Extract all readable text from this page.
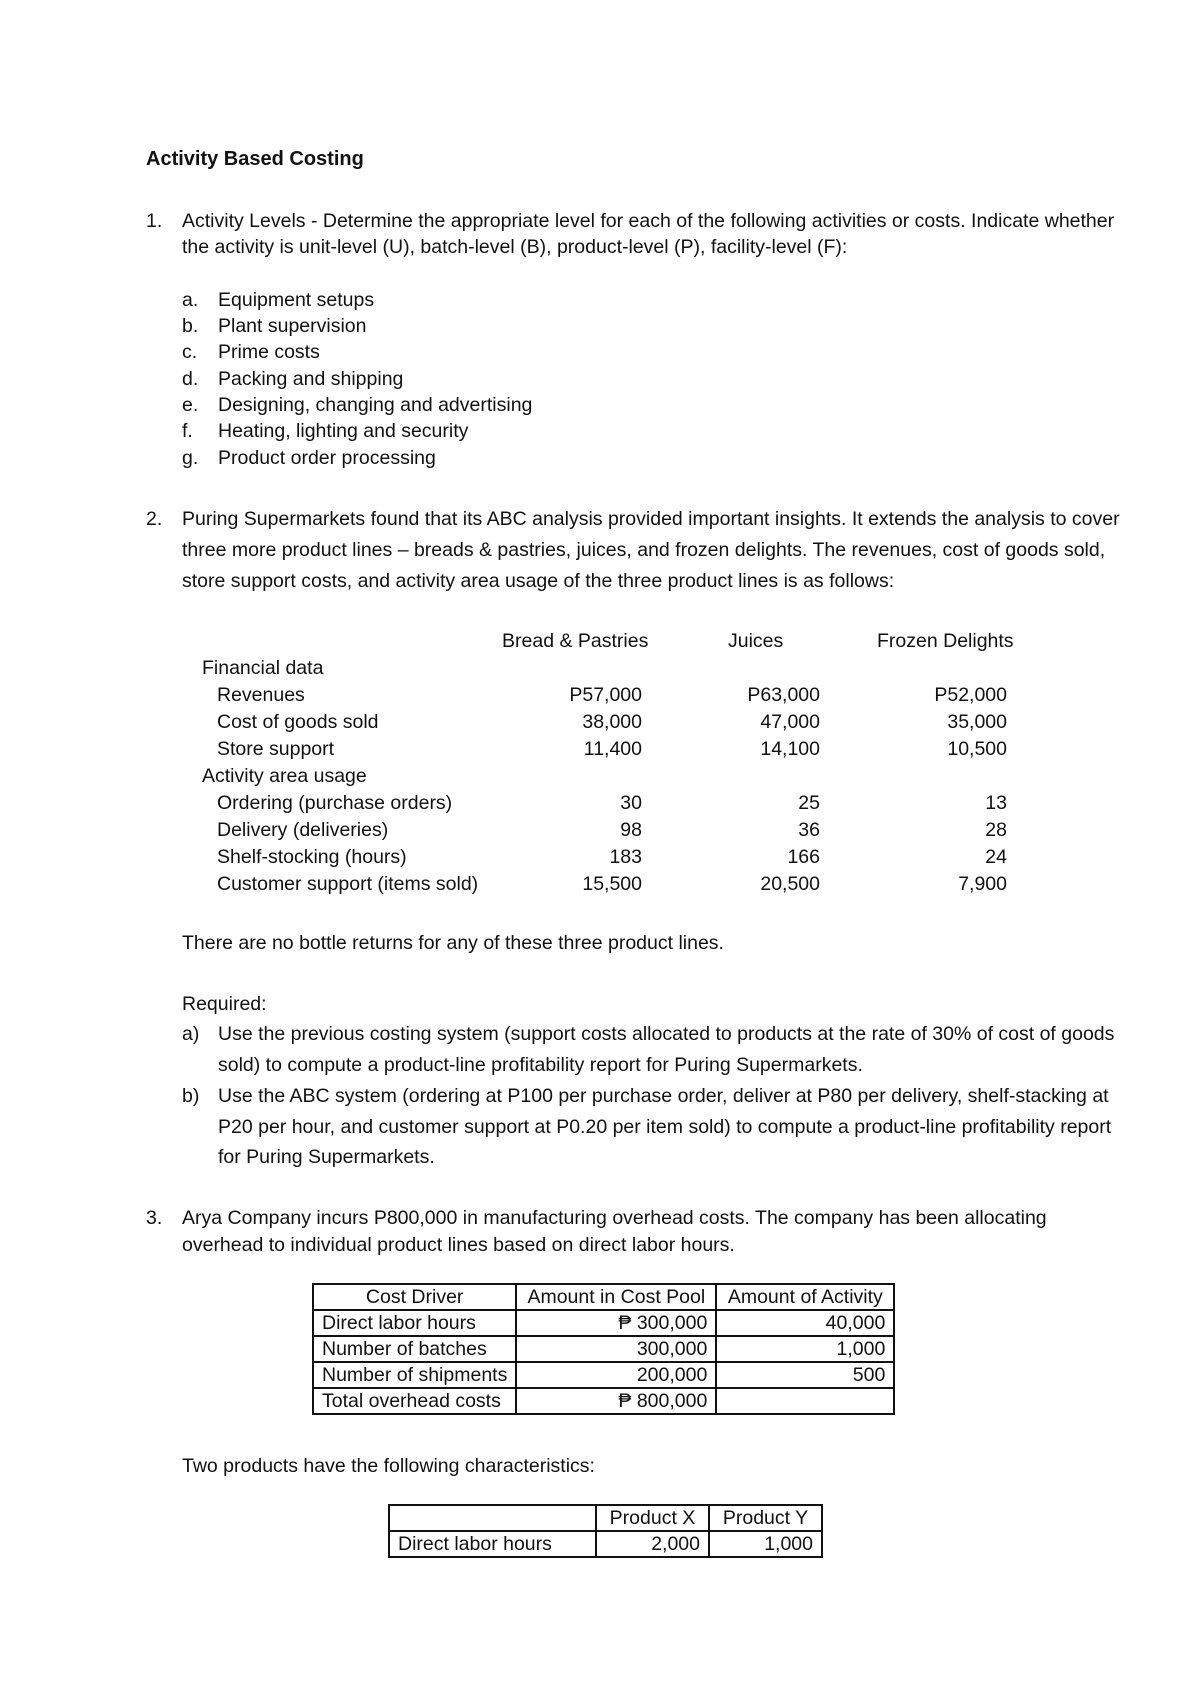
Activity Based Costing
1. Activity Levels - Determine the appropriate level for each of the following activities or costs. Indicate whether
the activity is unit-level (U), batch-level (B), product-level (P), facility-level (F):
a. Equipment setups
b. Plant supervision
c. Prime costs
d. Packing and shipping
e. Designing, changing and advertising
f. Heating, lighting and security
g. Product order processing
2. Puring Supermarkets found that its ABC analysis provided important insights. It extends the analysis to cover
three more product lines – breads & pastries, juices, and frozen delights. The revenues, cost of goods sold,
store support costs, and activity area usage of the three product lines is as follows:
Bread & Pastries	Juices	Frozen Delights
Financial data
Revenues	P57,000	P63,000	P52,000
Cost of goods sold	38,000	47,000	35,000
Store support	11,400	14,100	10,500
Activity area usage
Ordering (purchase orders)	30	25	13
Delivery (deliveries)	98	36	28
Shelf-stocking (hours)	183	166	24
Customer support (items sold)	15,500	20,500	7,900
There are no bottle returns for any of these three product lines.
Required:
a) Use the previous costing system (support costs allocated to products at the rate of 30% of cost of goods
sold) to compute a product-line profitability report for Puring Supermarkets.
b) Use the ABC system (ordering at P100 per purchase order, deliver at P80 per delivery, shelf-stacking at
P20 per hour, and customer support at P0.20 per item sold) to compute a product-line profitability report
for Puring Supermarkets.
3. Arya Company incurs P800,000 in manufacturing overhead costs. The company has been allocating
overhead to individual product lines based on direct labor hours.
Cost Driver	Amount in Cost Pool	Amount of Activity
Direct labor hours	₱ 300,000	40,000
Number of batches	300,000	1,000
Number of shipments	200,000	500
Total overhead costs	₱ 800,000	
Two products have the following characteristics:
	Product X	Product Y
Direct labor hours	2,000	1,000
